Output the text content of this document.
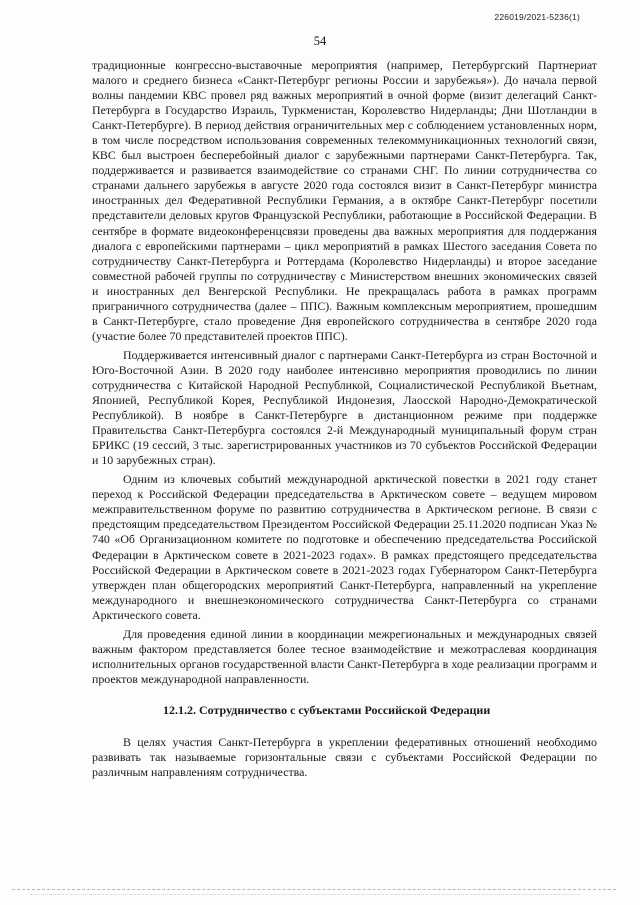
226019/2021-5236(1)
54

традиционные конгрессно-выставочные мероприятия (например, Петербургский Партнериат малого и среднего бизнеса «Санкт-Петербург регионы России и зарубежья»). До начала первой волны пандемии КВС провел ряд важных мероприятий в очной форме (визит делегаций Санкт-Петербурга в Государство Израиль, Туркменистан, Королевство Нидерланды; Дни Шотландии в Санкт-Петербурге). В период действия ограничительных мер с соблюдением установленных норм, в том числе посредством использования современных телекоммуникационных технологий связи, КВС был выстроен бесперебойный диалог с зарубежными партнерами Санкт-Петербурга. Так, поддерживается и развивается взаимодействие со странами СНГ. По линии сотрудничества со странами дальнего зарубежья в августе 2020 года состоялся визит в Санкт-Петербург министра иностранных дел Федеративной Республики Германия, а в октябре Санкт-Петербург посетили представители деловых кругов Французской Республики, работающие в Российской Федерации. В сентябре в формате видеоконференцсвязи проведены два важных мероприятия для поддержания диалога с европейскими партнерами – цикл мероприятий в рамках Шестого заседания Совета по сотрудничеству Санкт-Петербурга и Роттердама (Королевство Нидерланды) и второе заседание совместной рабочей группы по сотрудничеству с Министерством внешних экономических связей и иностранных дел Венгерской Республики. Не прекращалась работа в рамках программ приграничного сотрудничества (далее – ППС). Важным комплексным мероприятием, прошедшим в Санкт-Петербурге, стало проведение Дня европейского сотрудничества в сентябре 2020 года (участие более 70 представителей проектов ППС).

Поддерживается интенсивный диалог с партнерами Санкт-Петербурга из стран Восточной и Юго-Восточной Азии. В 2020 году наиболее интенсивно мероприятия проводились по линии сотрудничества с Китайской Народной Республикой, Социалистической Республикой Вьетнам, Японией, Республикой Корея, Республикой Индонезия, Лаосской Народно-Демократической Республикой). В ноябре в Санкт-Петербурге в дистанционном режиме при поддержке Правительства Санкт-Петербурга состоялся 2-й Международный муниципальный форум стран БРИКС (19 сессий, 3 тыс. зарегистрированных участников из 70 субъектов Российской Федерации и 10 зарубежных стран).

Одним из ключевых событий международной арктической повестки в 2021 году станет переход к Российской Федерации председательства в Арктическом совете – ведущем мировом межправительственном форуме по развитию сотрудничества в Арктическом регионе. В связи с предстоящим председательством Президентом Российской Федерации 25.11.2020 подписан Указ № 740 «Об Организационном комитете по подготовке и обеспечению председательства Российской Федерации в Арктическом совете в 2021-2023 годах». В рамках предстоящего председательства Российской Федерации в Арктическом совете в 2021-2023 годах Губернатором Санкт-Петербурга утвержден план общегородских мероприятий Санкт-Петербурга, направленный на укрепление международного и внешнеэкономического сотрудничества Санкт-Петербурга со странами Арктического совета.

Для проведения единой линии в координации межрегиональных и международных связей важным фактором представляется более тесное взаимодействие и межотраслевая координация исполнительных органов государственной власти Санкт-Петербурга в ходе реализации программ и проектов международной направленности.

12.1.2. Сотрудничество с субъектами Российской Федерации

В целях участия Санкт-Петербурга в укреплении федеративных отношений необходимо развивать так называемые горизонтальные связи с субъектами Российской Федерации по различным направлениям сотрудничества.
